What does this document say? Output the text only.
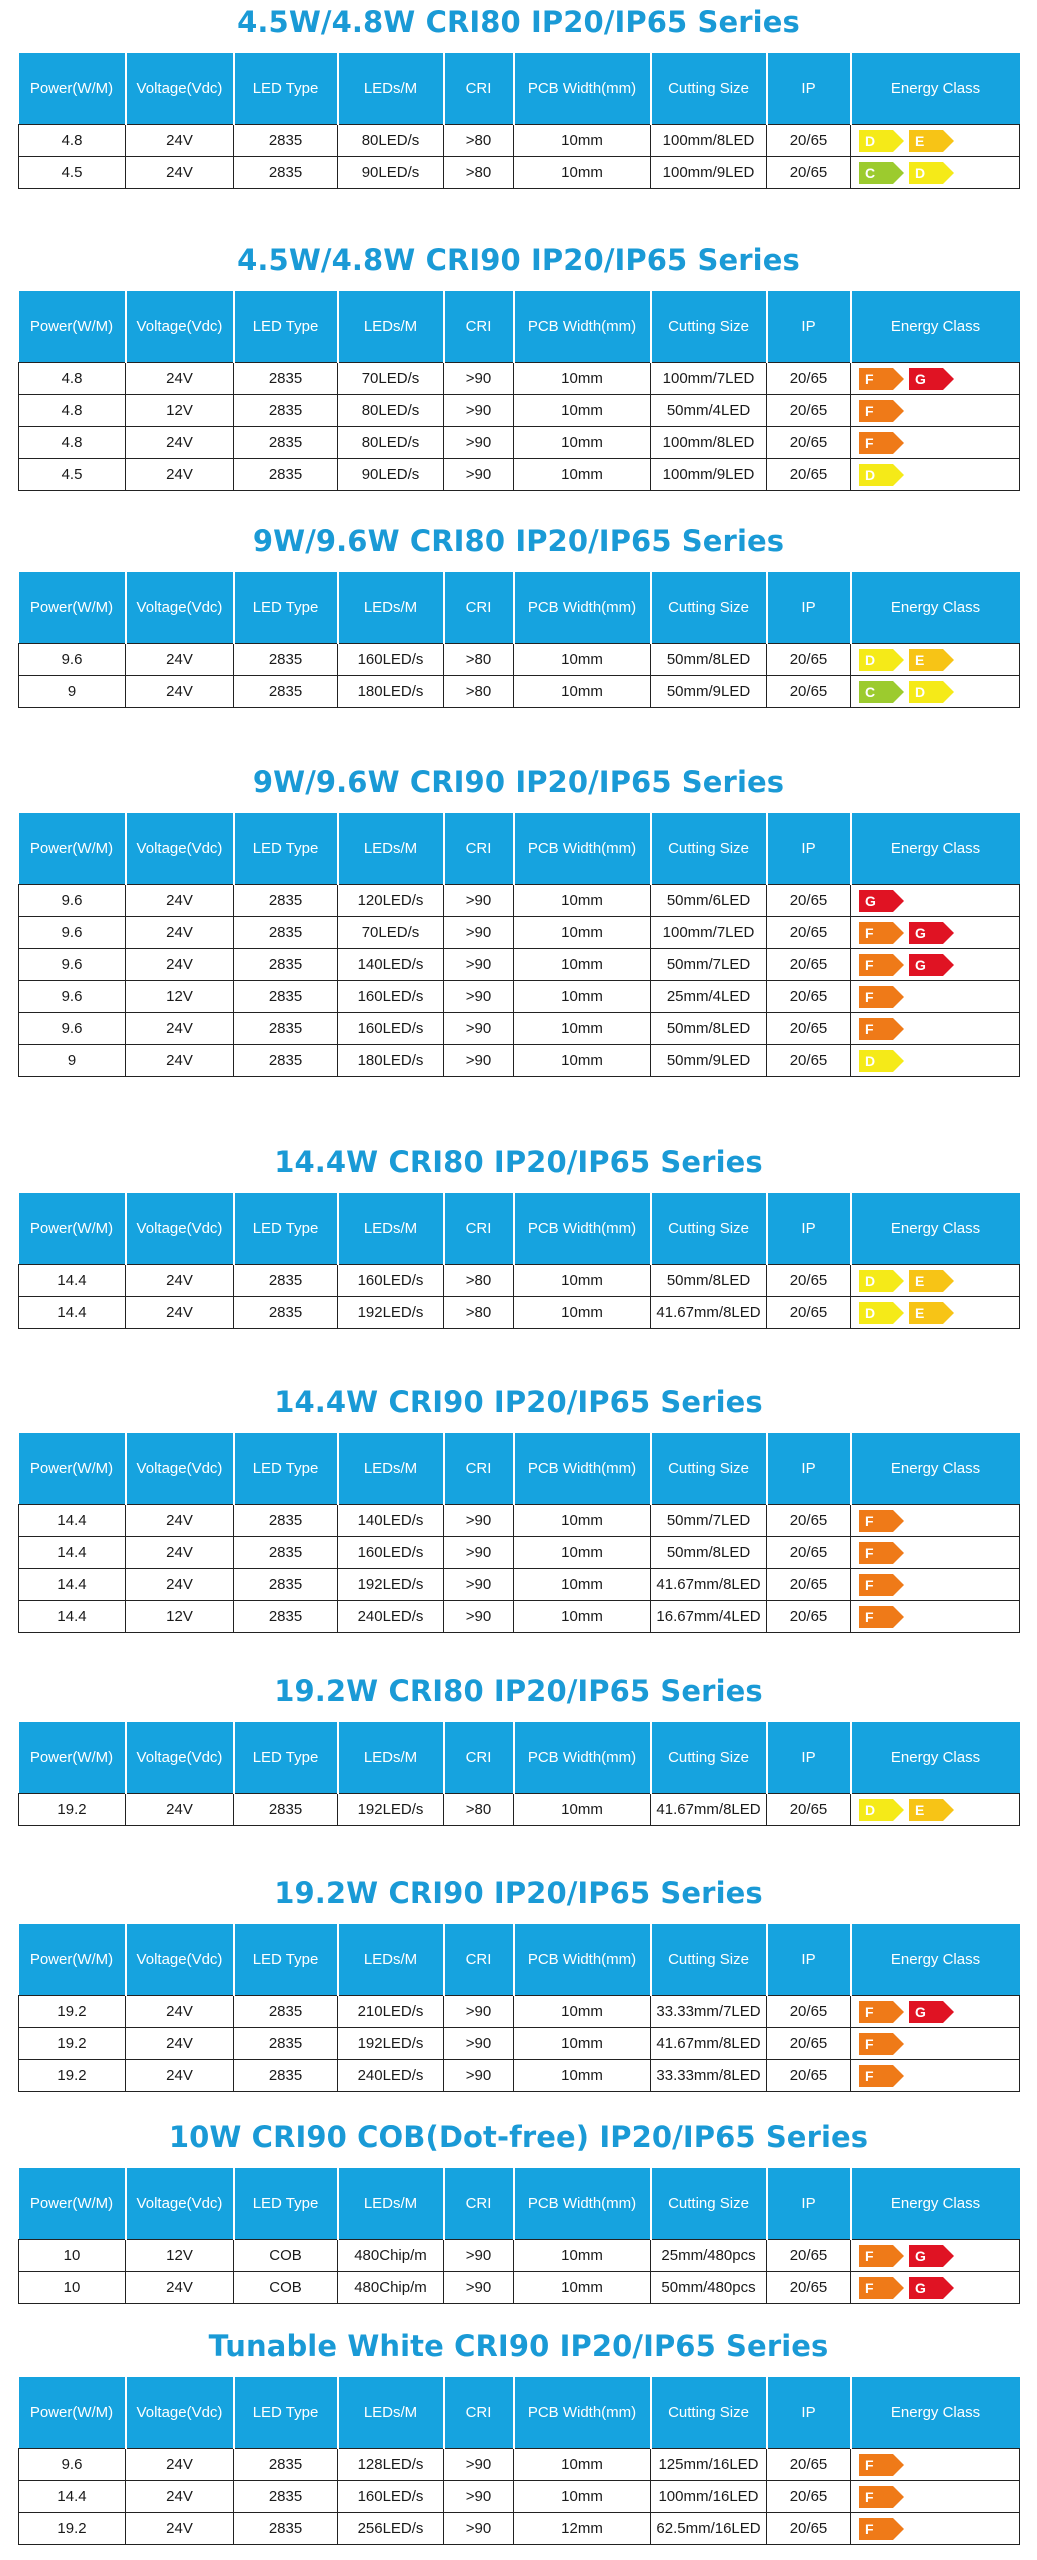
4.5W/4.8W CRI80 IP20/IP65 Series
Power(W/M)	Voltage(Vdc)	LED Type	LEDs/M	CRI	PCB Width(mm)	Cutting Size	IP	Energy Class
4.8	24V	2835	80LED/s	>80	10mm	100mm/8LED	20/65	D E
4.5	24V	2835	90LED/s	>80	10mm	100mm/9LED	20/65	C D
4.5W/4.8W CRI90 IP20/IP65 Series
Power(W/M)	Voltage(Vdc)	LED Type	LEDs/M	CRI	PCB Width(mm)	Cutting Size	IP	Energy Class
4.8	24V	2835	70LED/s	>90	10mm	100mm/7LED	20/65	F G
4.8	12V	2835	80LED/s	>90	10mm	50mm/4LED	20/65	F
4.8	24V	2835	80LED/s	>90	10mm	100mm/8LED	20/65	F
4.5	24V	2835	90LED/s	>90	10mm	100mm/9LED	20/65	D
9W/9.6W CRI80 IP20/IP65 Series
Power(W/M)	Voltage(Vdc)	LED Type	LEDs/M	CRI	PCB Width(mm)	Cutting Size	IP	Energy Class
9.6	24V	2835	160LED/s	>80	10mm	50mm/8LED	20/65	D E
9	24V	2835	180LED/s	>80	10mm	50mm/9LED	20/65	C D
9W/9.6W CRI90 IP20/IP65 Series
Power(W/M)	Voltage(Vdc)	LED Type	LEDs/M	CRI	PCB Width(mm)	Cutting Size	IP	Energy Class
9.6	24V	2835	120LED/s	>90	10mm	50mm/6LED	20/65	G
9.6	24V	2835	70LED/s	>90	10mm	100mm/7LED	20/65	F G
9.6	24V	2835	140LED/s	>90	10mm	50mm/7LED	20/65	F G
9.6	12V	2835	160LED/s	>90	10mm	25mm/4LED	20/65	F
9.6	24V	2835	160LED/s	>90	10mm	50mm/8LED	20/65	F
9	24V	2835	180LED/s	>90	10mm	50mm/9LED	20/65	D
14.4W CRI80 IP20/IP65 Series
Power(W/M)	Voltage(Vdc)	LED Type	LEDs/M	CRI	PCB Width(mm)	Cutting Size	IP	Energy Class
14.4	24V	2835	160LED/s	>80	10mm	50mm/8LED	20/65	D E
14.4	24V	2835	192LED/s	>80	10mm	41.67mm/8LED	20/65	D E
14.4W CRI90 IP20/IP65 Series
Power(W/M)	Voltage(Vdc)	LED Type	LEDs/M	CRI	PCB Width(mm)	Cutting Size	IP	Energy Class
14.4	24V	2835	140LED/s	>90	10mm	50mm/7LED	20/65	F
14.4	24V	2835	160LED/s	>90	10mm	50mm/8LED	20/65	F
14.4	24V	2835	192LED/s	>90	10mm	41.67mm/8LED	20/65	F
14.4	12V	2835	240LED/s	>90	10mm	16.67mm/4LED	20/65	F
19.2W CRI80 IP20/IP65 Series
Power(W/M)	Voltage(Vdc)	LED Type	LEDs/M	CRI	PCB Width(mm)	Cutting Size	IP	Energy Class
19.2	24V	2835	192LED/s	>80	10mm	41.67mm/8LED	20/65	D E
19.2W CRI90 IP20/IP65 Series
Power(W/M)	Voltage(Vdc)	LED Type	LEDs/M	CRI	PCB Width(mm)	Cutting Size	IP	Energy Class
19.2	24V	2835	210LED/s	>90	10mm	33.33mm/7LED	20/65	F G
19.2	24V	2835	192LED/s	>90	10mm	41.67mm/8LED	20/65	F
19.2	24V	2835	240LED/s	>90	10mm	33.33mm/8LED	20/65	F
10W CRI90 COB(Dot-free) IP20/IP65 Series
Power(W/M)	Voltage(Vdc)	LED Type	LEDs/M	CRI	PCB Width(mm)	Cutting Size	IP	Energy Class
10	12V	COB	480Chip/m	>90	10mm	25mm/480pcs	20/65	F G
10	24V	COB	480Chip/m	>90	10mm	50mm/480pcs	20/65	F G
Tunable White CRI90 IP20/IP65 Series
Power(W/M)	Voltage(Vdc)	LED Type	LEDs/M	CRI	PCB Width(mm)	Cutting Size	IP	Energy Class
9.6	24V	2835	128LED/s	>90	10mm	125mm/16LED	20/65	F
14.4	24V	2835	160LED/s	>90	10mm	100mm/16LED	20/65	F
19.2	24V	2835	256LED/s	>90	12mm	62.5mm/16LED	20/65	F
